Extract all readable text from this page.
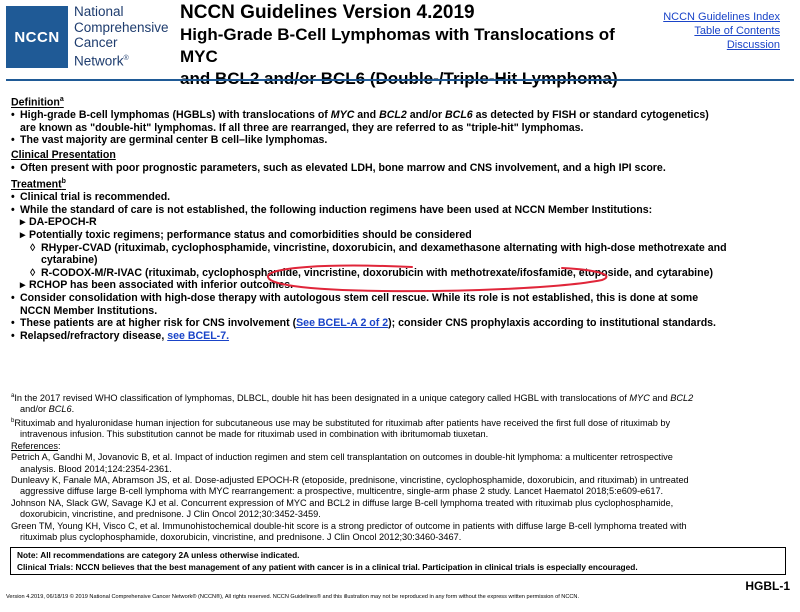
NCCN
National
Comprehensive
Cancer
Network®
NCCN Guidelines Version 4.2019
High-Grade B-Cell Lymphomas with Translocations of MYC
NCCN Guidelines Index
Table of Contents
Discussion
Definition$^a$
• High-grade B-cell lymphomas (HGBLs) with translocations of MYC and BCL2 and/or BCL6 as detected by FISH or standard cytogenetics)
are known as "double-hit" lymphomas. If all three are rearranged, they are referred to as "triple-hit" lymphomas.
• The vast majority are germinal center B cell–like lymphomas.
Clinical Presentation
• Often present with poor prognostic parameters, such as elevated LDH, bone marrow and CNS involvement, and a high IPI score.
Treatment$^b$
• Clinical trial is recommended.
• While the standard of care is not established, the following induction regimens have been used at NCCN Member Institutions:
▸ DA-EPOCH-R
▸ Potentially toxic regimens; performance status and comorbidities should be considered
◊ RHyper-CVAD (rituximab, cyclophosphamide, vincristine, doxorubicin, and dexamethasone alternating with high-dose methotrexate and
cytarabine)
◊ R-CODOX-M/R-IVAC (rituximab, cyclophosphamide, vincristine, doxorubicin with methotrexate/ifosfamide, etoposide, and cytarabine)
▸ RCHOP has been associated with inferior outcomes.
• Consider consolidation with high-dose therapy with autologous stem cell rescue. While its role is not established, this is done at some
NCCN Member Institutions.
• These patients are at higher risk for CNS involvement (See BCEL-A 2 of 2); consider CNS prophylaxis according to institutional standards.
• Relapsed/refractory disease, see BCEL-7.
$^a$In the 2017 revised WHO classification of lymphomas, DLBCL, double hit has been designated in a unique category called HGBL with translocations of MYC and BCL2
and/or BCL6.
$^b$Rituximab and hyaluronidase human injection for subcutaneous use may be substituted for rituximab after patients have received the first full dose of rituximab by
intravenous infusion. This substitution cannot be made for rituximab used in combination with ibritumomab tiuxetan.
References:
Petrich A, Gandhi M, Jovanovic B, et al. Impact of induction regimen and stem cell transplantation on outcomes in double-hit lymphoma: a multicenter retrospective
analysis. Blood 2014;124:2354-2361.
Dunleavy K, Fanale MA, Abramson JS, et al. Dose-adjusted EPOCH-R (etoposide, prednisone, vincristine, cyclophosphamide, doxorubicin, and rituximab) in untreated
aggressive diffuse large B-cell lymphoma with MYC rearrangement: a prospective, multicentre, single-arm phase 2 study. Lancet Haematol 2018;5:e609-e617.
Johnson NA, Slack GW, Savage KJ et al. Concurrent expression of MYC and BCL2 in diffuse large B-cell lymphoma treated with rituximab plus cyclophosphamide,
doxorubicin, vincristine, and prednisone. J Clin Oncol 2012;30:3452-3459.
Green TM, Young KH, Visco C, et al. Immunohistochemical double-hit score is a strong predictor of outcome in patients with diffuse large B-cell lymphoma treated with
rituximab plus cyclophosphamide, doxorubicin, vincristine, and prednisone. J Clin Oncol 2012;30:3460-3467.
Note: All recommendations are category 2A unless otherwise indicated.
Clinical Trials: NCCN believes that the best management of any patient with cancer is in a clinical trial. Participation in clinical trials is especially encouraged.
Version 4.2019, 06/18/19 © 2019 National Comprehensive Cancer Network® (NCCN®), All rights reserved. NCCN Guidelines® and this illustration may not be reproduced in any form without the express written permission of NCCN.
HGBL-1
